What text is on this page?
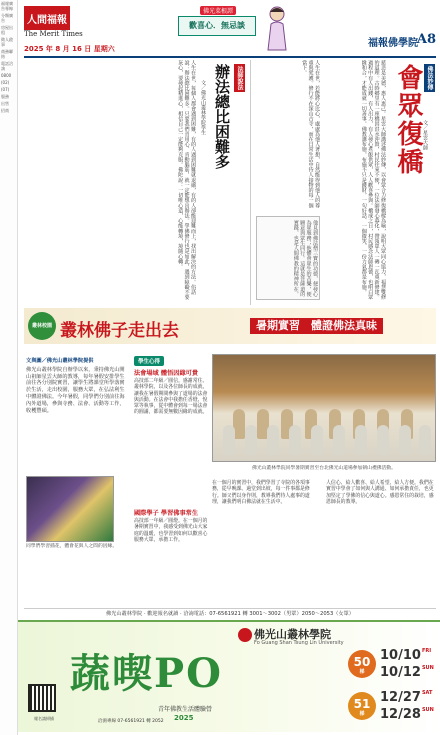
福報廣告專線
分類廣告
房屋出租
徵人啟事
商務聯絡
電話洽詢
0800
(02)
(07)
服務
出售
招商
人間福報
The Merit Times
2025 年 8 月 16 日 星期六
佛光菜根譚
歡喜心．無忌談
福報佛學院
A8
佛法妙傳
會眾復橋 文／星雲大師
慈悲是美德，惠人惠己。星雲大師講述佛法妙傳，以會眾合力修復橋樑為喻，說明大眾同心協力，福慧雙修的道理。古時鄉里有一座橋因洪水沖毀，村民往來不便，一位法師發心募化，帶領眾人一磚一瓦重新修建。過程中有人出錢，有人出力，有人發心煮飯供眾，人人歡喜參與。橋成之日，村民感念法師恩德，也明白眾緣和合，才能成就一切善事。佛教講布施，布施不只是錢財，一句好話、一個微笑、一份力氣都是布施。
人生在世，若能將心比心，處處為他人著想，自然能得到他人的尊重與愛護。修行不在深山古寺，而在日常生活中待人接物的每一個當下。
他見到佛法僧三寶的功德，便發心為眾服務；他體會眾生的苦樂，便願意與眾生同行。這就是菩薩道的實踐，也是人間佛教的精神所在。
法師說法
辦法總比困難多
文／佛光山叢林學院學生
人生在世，每個人都會遇到困難，有的人遇到困難就退縮，有的人卻能迎難而上，找出解決的方法。俗話說：辦法總比困難多。只要我們肯用心、肯動腦筋，就一定能想出辦法。學佛修行也是如此，遇到障礙不要灰心，要發起精進心，相信自己一定能夠克服。佛陀說：一切唯心造，心能轉境，境隨心轉。
叢林校園 叢林佛子走出去	暑期實習　體證佛法真味
文與圖／佛光山叢林學院提供
佛光山叢林學院自辦學以來，秉持佛光山開山祖師星雲大師的教導，每年暑假安排學生前往各分別院實習，讓學生將課堂所學落實於生活，走出校園，服務大眾，在弘法利生中體證佛法。今年暑假，同學們分別前往海內外道場，參與寺務、法會、活動等工作，收穫豐碩。
同學們學習插花，體會花與人之間的因緣。
學生心得
法會場域 體悟因緣可貴
高技部二年級／圓信。感謝常住、叢林學院，以及各位師長的成就，讓我在暑假期間參與了道場的法會與活動。在法會中我擔任香燈、悅眾等執事，從中體會到每一場法會的圓滿，都需要無數因緣的成就。
國際學子 學習佛事常生
高技部一年級／圓燈。在一個月的暑期實習中，我感受到佛光山大家庭的溫暖，也學習到如何以歡喜心服務大眾，承擔工作。
佛光山叢林學院同學暑期實習至台北佛光山道場參加朝山禮佛活動。
在一個月的實習中，我們學習了寺院的各項事務，從早晚課、過堂到出坡，每一件事都是修行。師父們以身作則，教導我們待人處事的道理，讓我們明白佛法就在生活中。
人信心、給人歡喜、給人希望、給人方便。我們在實習中學會了如何與人溝通、如何承擔責任，也更加堅定了學佛的信心與道心。感恩常住的栽培，感恩師長的教導。
佛光山叢林學院 · 歡迎報名就讀 · 洽詢電話：07-6561921 轉 3001～3002（男眾）2050～2053（女眾）
佛光山叢林學院
Fo Guang Shan Tsung Lin University
蔬喫PO
青年佛教生活體驗營
2025
報名請掃描
洽詢專線 07-6561921 轉 2052
50
梯
$10/10^{FRI}$
$10/12^{SUN}$
51
梯
$12/27^{SAT}$
$12/28^{SUN}$
